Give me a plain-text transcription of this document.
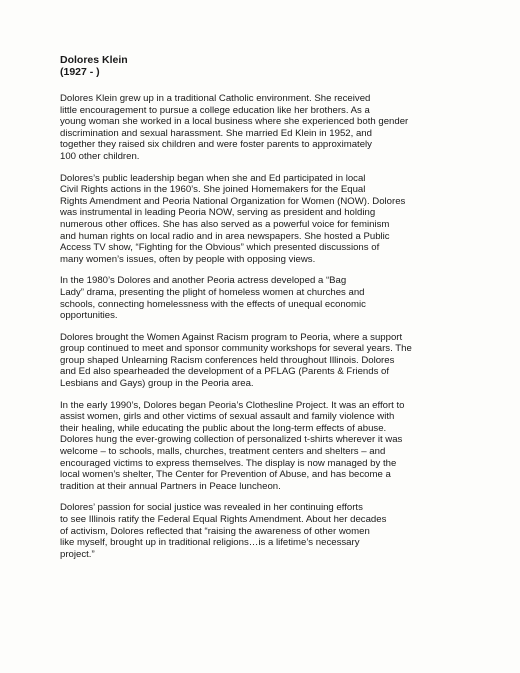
Dolores Klein

(1927 - )

Dolores Klein grew up in a traditional Catholic environment. She received
little encouragement to pursue a college education like her brothers. As a
young woman she worked in a local business where she experienced both gender
discrimination and sexual harassment. She married Ed Klein in 1952, and
together they raised six children and were foster parents to approximately
100 other children.
Dolores’s public leadership began when she and Ed participated in local
Civil Rights actions in the 1960’s. She joined Homemakers for the Equal
Rights Amendment and Peoria National Organization for Women (NOW). Dolores
was instrumental in leading Peoria NOW, serving as president and holding
numerous other offices. She has also served as a powerful voice for feminism
and human rights on local radio and in area newspapers. She hosted a Public
Access TV show, “Fighting for the Obvious” which presented discussions of
many women’s issues, often by people with opposing views.
In the 1980’s Dolores and another Peoria actress developed a “Bag
Lady” drama, presenting the plight of homeless women at churches and
schools, connecting homelessness with the effects of unequal economic
opportunities.
Dolores brought the Women Against Racism program to Peoria, where a support
group continued to meet and sponsor community workshops for several years. The
group shaped Unlearning Racism conferences held throughout Illinois. Dolores
and Ed also spearheaded the development of a PFLAG (Parents & Friends of
Lesbians and Gays) group in the Peoria area.
In the early 1990’s, Dolores began Peoria’s Clothesline Project. It was an effort to
assist women, girls and other victims of sexual assault and family violence with
their healing, while educating the public about the long-term effects of abuse.
Dolores hung the ever-growing collection of personalized t-shirts wherever it was
welcome – to schools, malls, churches, treatment centers and shelters – and
encouraged victims to express themselves. The display is now managed by the
local women’s shelter, The Center for Prevention of Abuse, and has become a
tradition at their annual Partners in Peace luncheon.
Dolores’ passion for social justice was revealed in her continuing efforts
to see Illinois ratify the Federal Equal Rights Amendment. About her decades
of activism, Dolores reflected that “raising the awareness of other women
like myself, brought up in traditional religions…is a lifetime’s necessary
project.”
